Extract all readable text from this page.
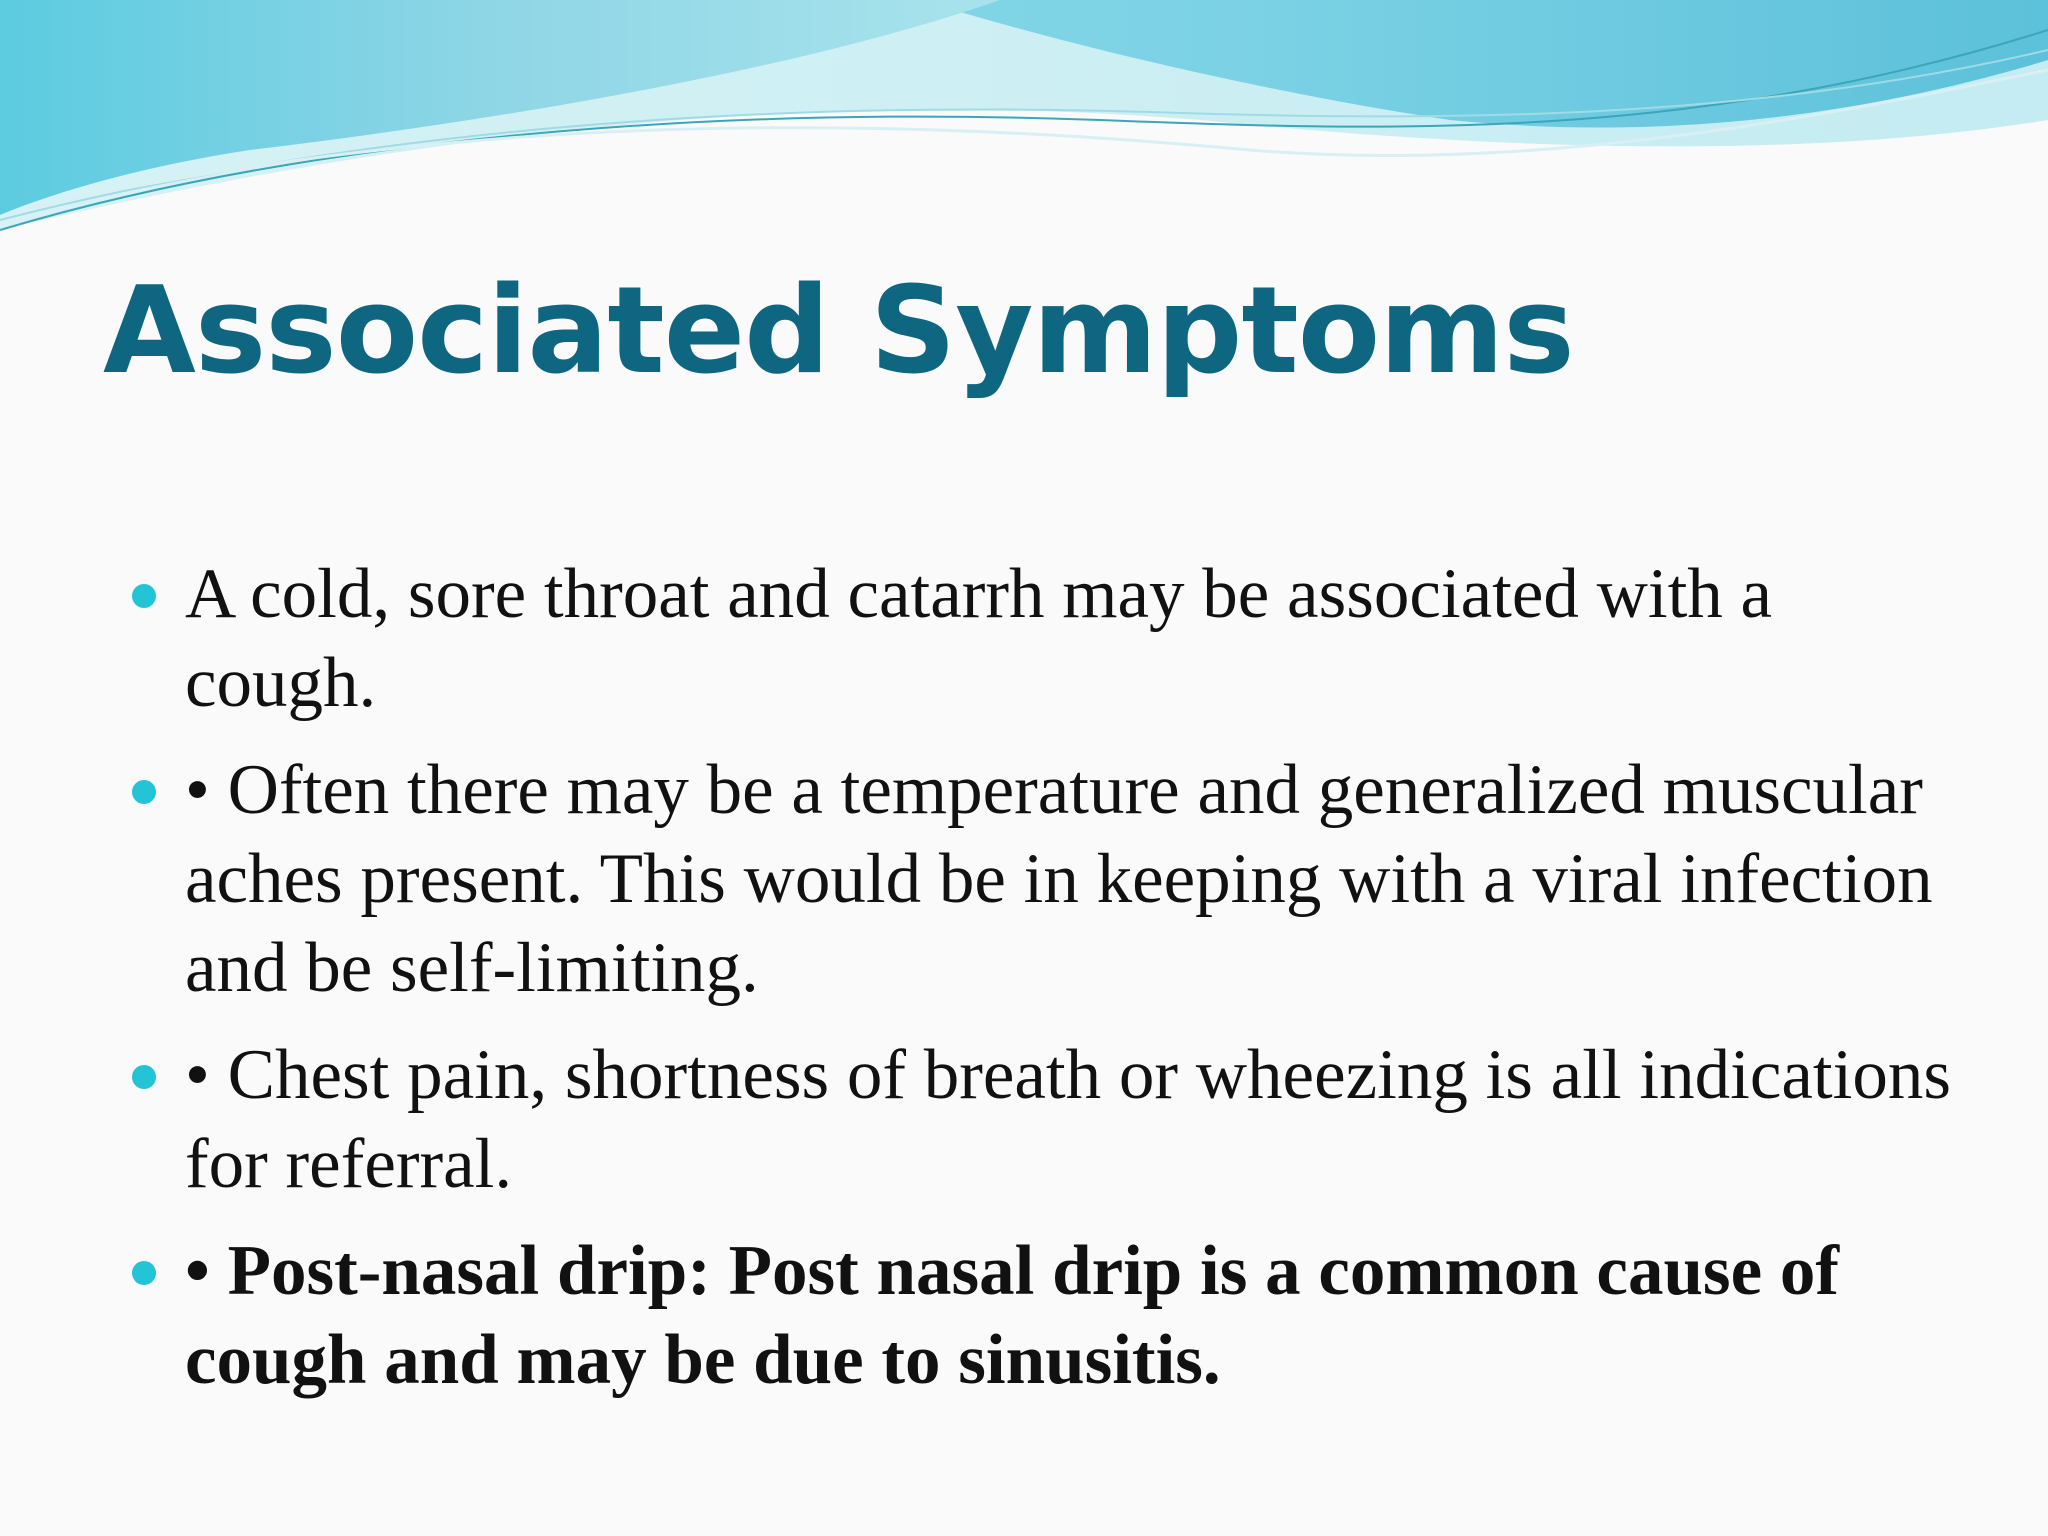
Associated Symptoms
A cold, sore throat and catarrh may be associated with a cough.
• Often there may be a temperature and generalized muscular aches present. This would be in keeping with a viral infection and be self-limiting.
• Chest pain, shortness of breath or wheezing is all indications for referral.
• Post-nasal drip: Post nasal drip is a common cause of cough and may be due to sinusitis.
